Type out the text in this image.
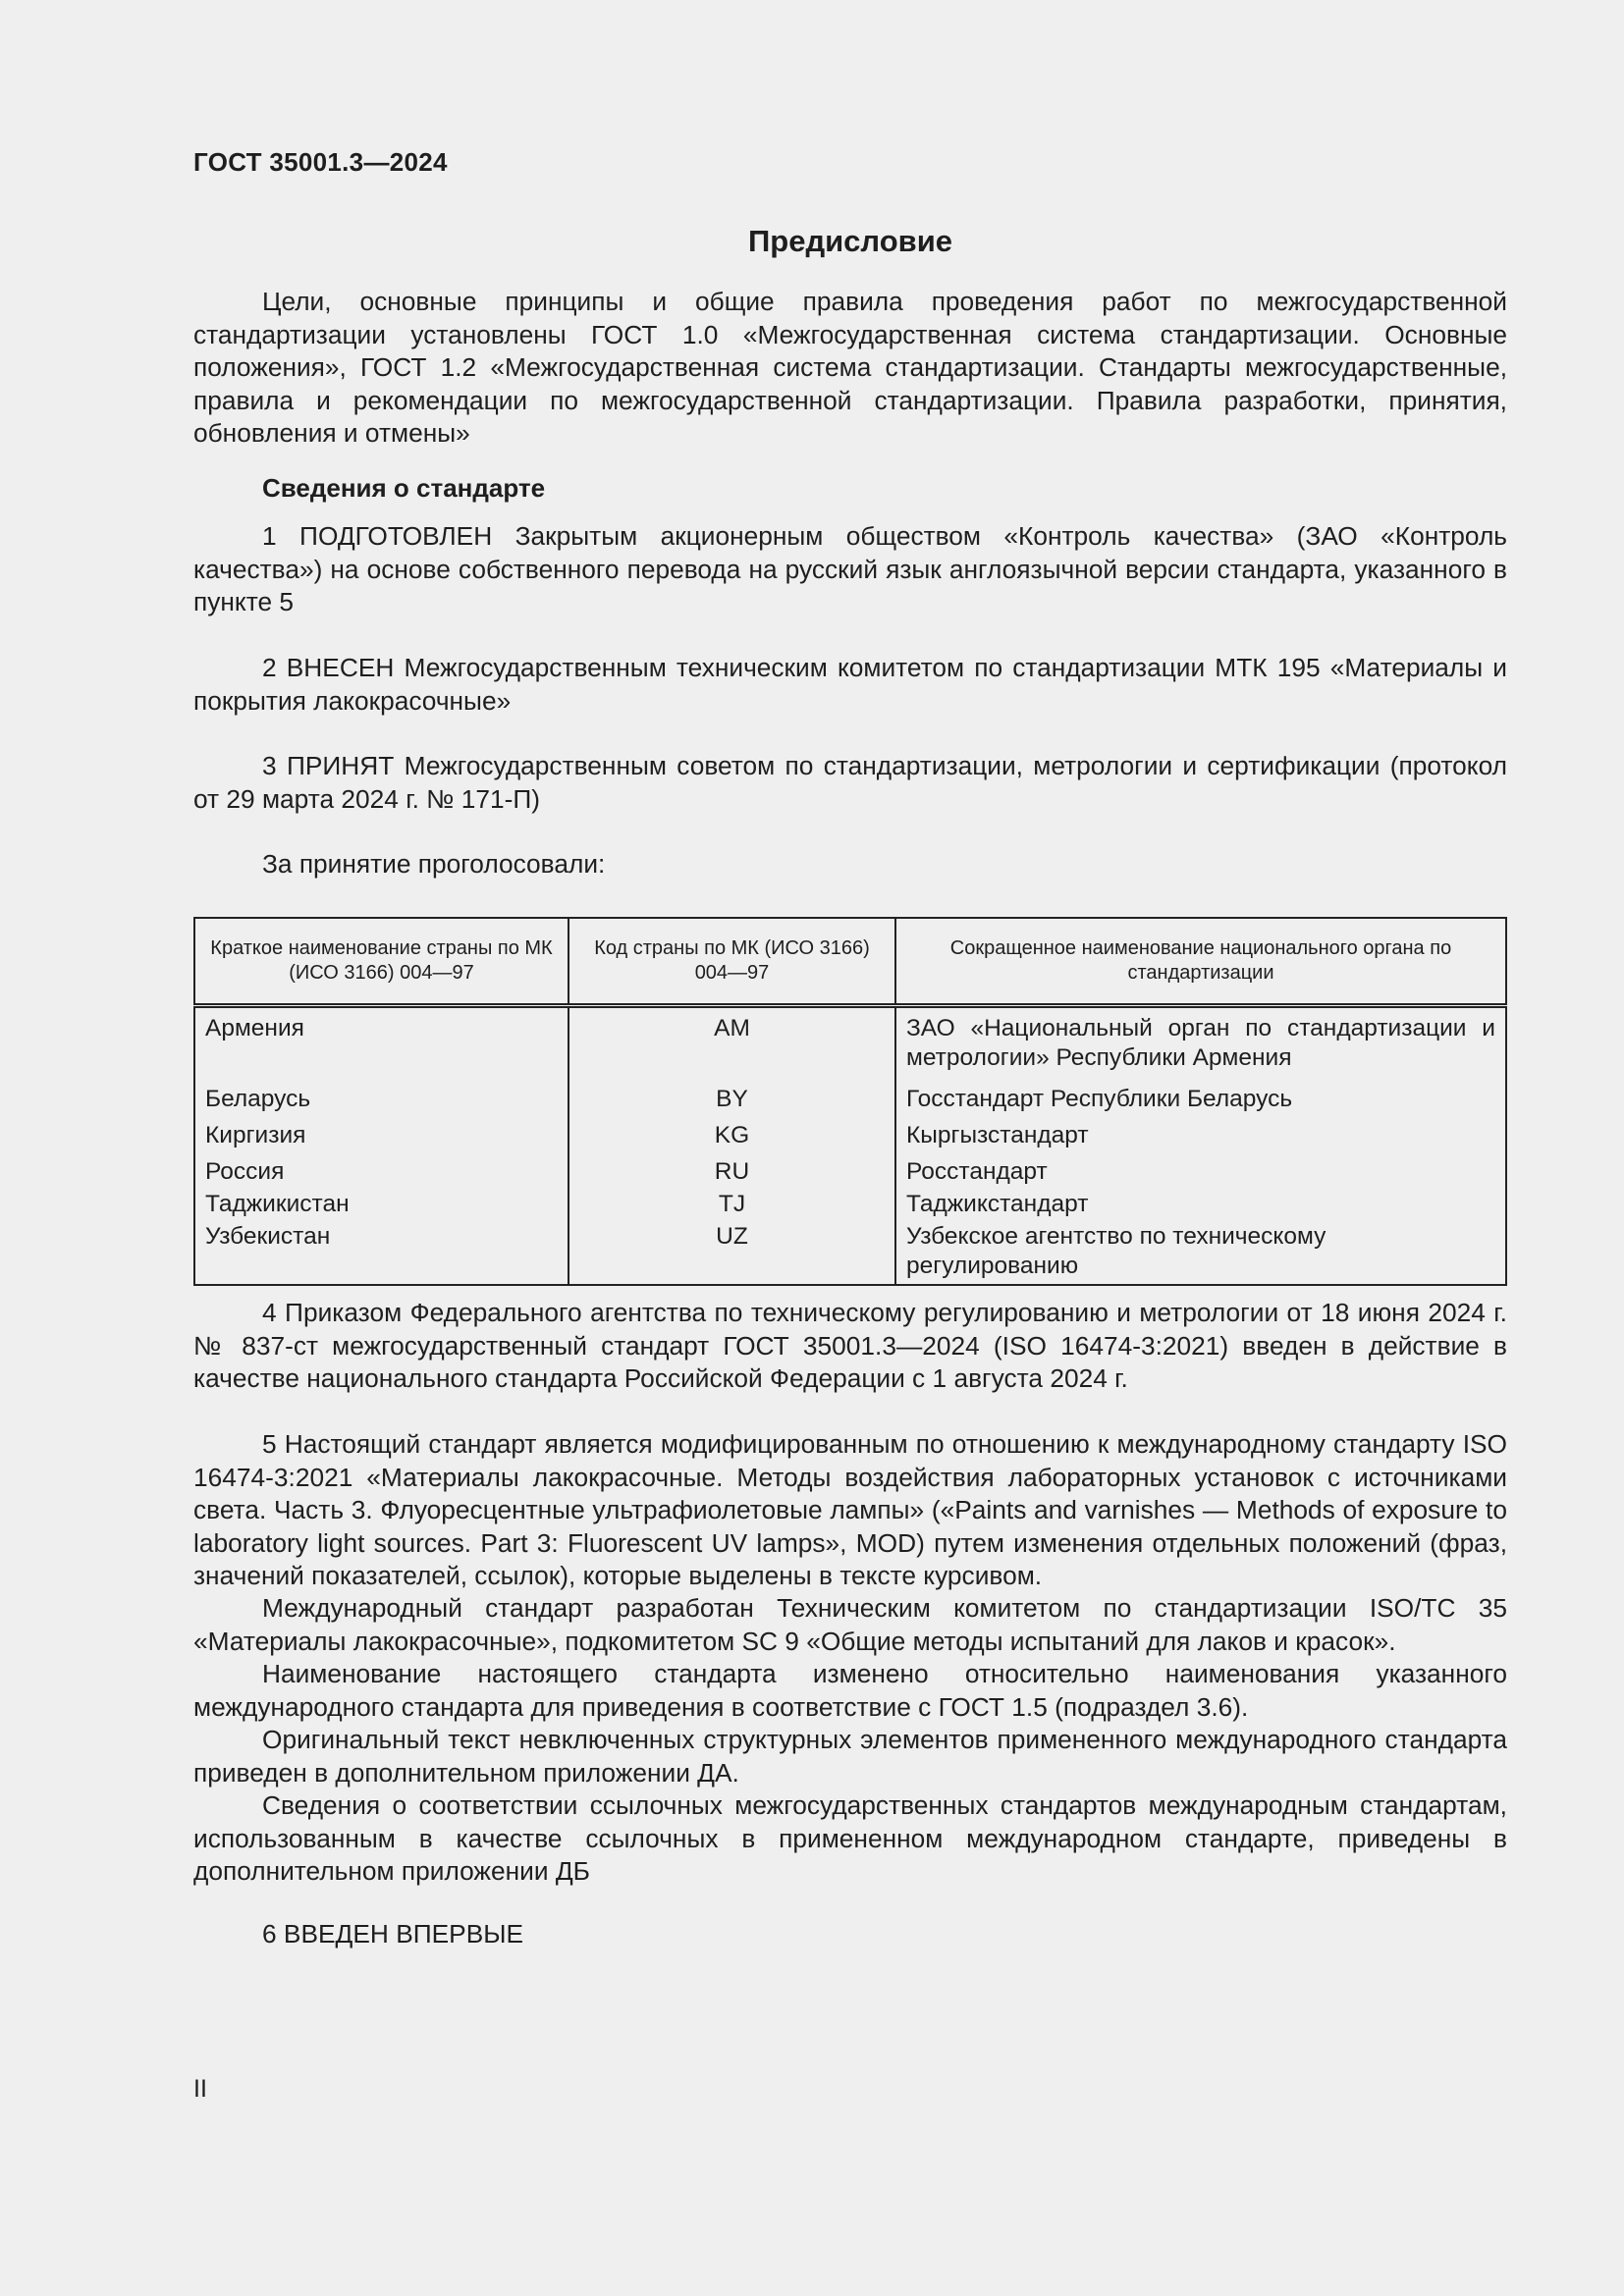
ГОСТ 35001.3—2024
Предисловие

Цели, основные принципы и общие правила проведения работ по межгосударственной стандартизации установлены ГОСТ 1.0 «Межгосударственная система стандартизации. Основные положения», ГОСТ 1.2 «Межгосударственная система стандартизации. Стандарты межгосударственные, правила и рекомендации по межгосударственной стандартизации. Правила разработки, принятия, обновления и отмены»

Сведения о стандарте

1 ПОДГОТОВЛЕН Закрытым акционерным обществом «Контроль качества» (ЗАО «Контроль качества») на основе собственного перевода на русский язык англоязычной версии стандарта, указанного в пункте 5

2 ВНЕСЕН Межгосударственным техническим комитетом по стандартизации МТК 195 «Материалы и покрытия лакокрасочные»

3 ПРИНЯТ Межгосударственным советом по стандартизации, метрологии и сертификации (протокол от 29 марта 2024 г. № 171-П)

За принятие проголосовали:
Краткое наименование страны по МК (ИСО 3166) 004—97	Код страны по МК (ИСО 3166) 004—97	Сокращенное наименование национального органа по стандартизации
Армения	AM	ЗАО «Национальный орган по стандартизации и метрологии» Республики Армения
Беларусь	BY	Госстандарт Республики Беларусь
Киргизия	KG	Кыргызстандарт
Россия	RU	Росстандарт
Таджикистан	TJ	Таджикстандарт
Узбекистан	UZ	Узбекское агентство по техническому регулированию

4 Приказом Федерального агентства по техническому регулированию и метрологии от 18 июня 2024 г. № 837-ст межгосударственный стандарт ГОСТ 35001.3—2024 (ISO 16474-3:2021) введен в действие в качестве национального стандарта Российской Федерации с 1 августа 2024 г.

5 Настоящий стандарт является модифицированным по отношению к международному стандарту ISO 16474-3:2021 «Материалы лакокрасочные. Методы воздействия лабораторных установок с источниками света. Часть 3. Флуоресцентные ультрафиолетовые лампы» («Paints and varnishes — Methods of exposure to laboratory light sources. Part 3: Fluorescent UV lamps», MOD) путем изменения отдельных положений (фраз, значений показателей, ссылок), которые выделены в тексте курсивом.

Международный стандарт разработан Техническим комитетом по стандартизации ISO/TC 35 «Материалы лакокрасочные», подкомитетом SC 9 «Общие методы испытаний для лаков и красок».

Наименование настоящего стандарта изменено относительно наименования указанного международного стандарта для приведения в соответствие с ГОСТ 1.5 (подраздел 3.6).

Оригинальный текст невключенных структурных элементов примененного международного стандарта приведен в дополнительном приложении ДА.

Сведения о соответствии ссылочных межгосударственных стандартов международным стандартам, использованным в качестве ссылочных в примененном международном стандарте, приведены в дополнительном приложении ДБ

6 ВВЕДЕН ВПЕРВЫЕ
II
